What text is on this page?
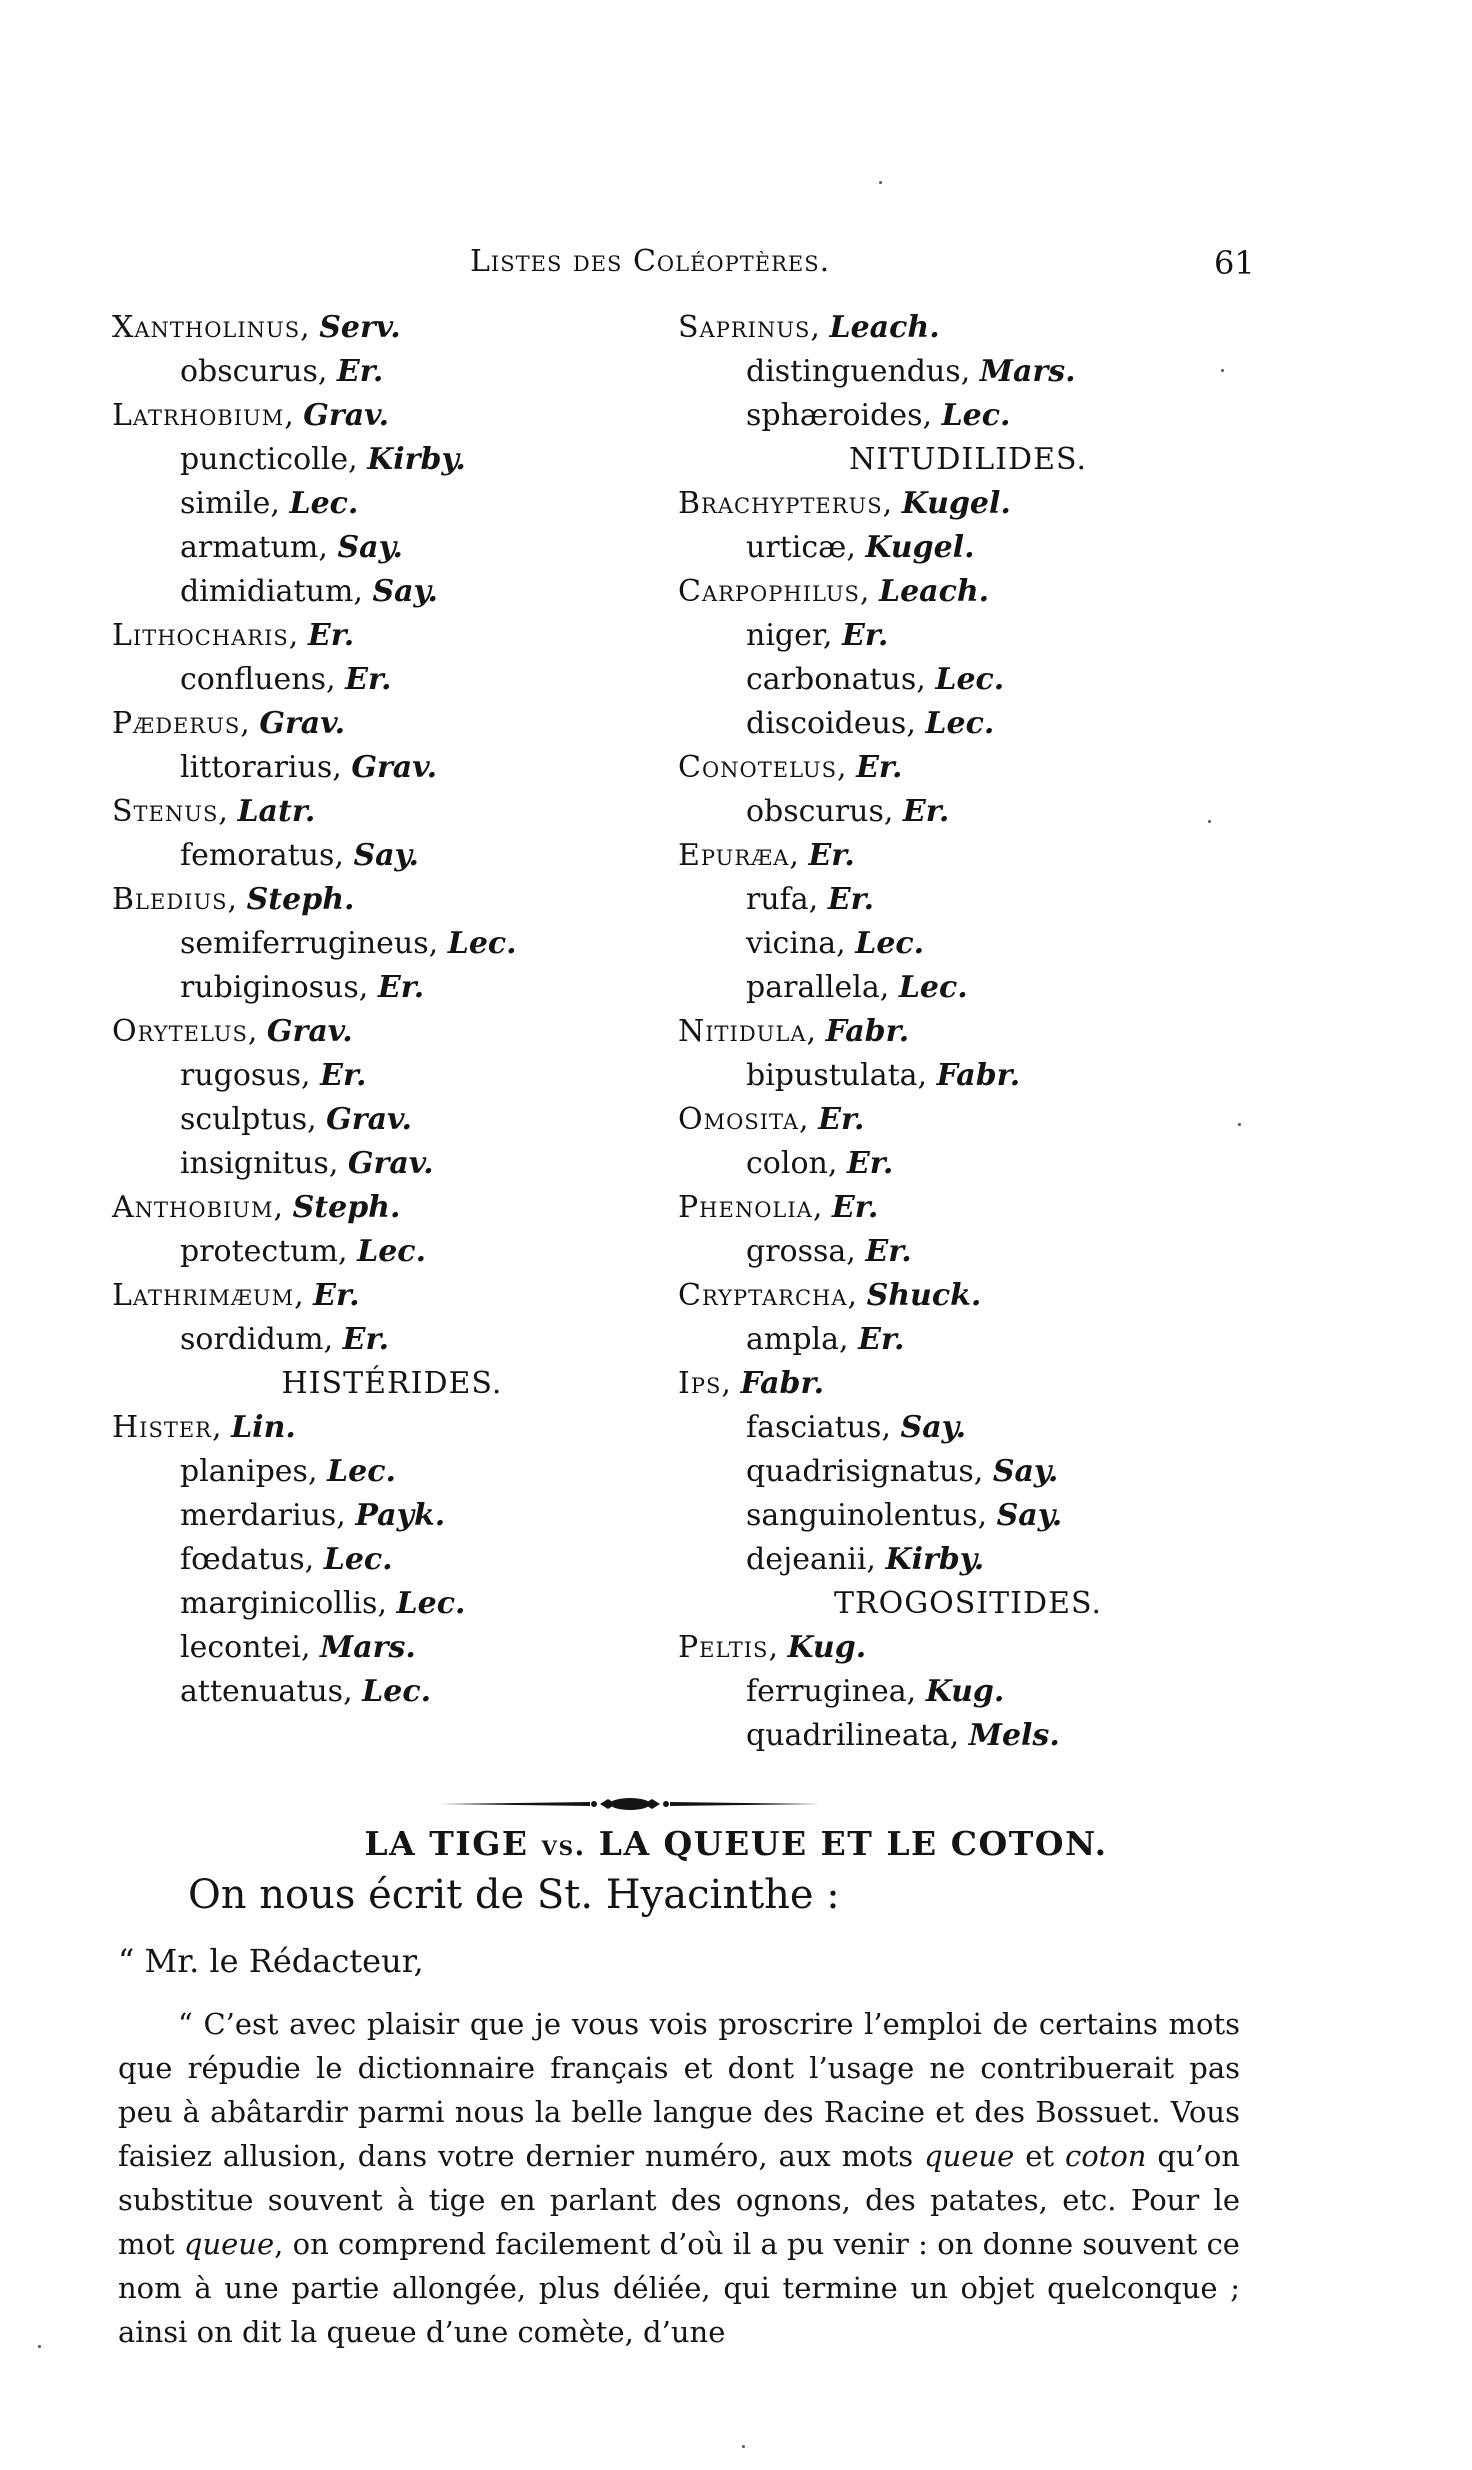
Listes des Coléoptères.	61
Xantholinus, Serv.
obscurus, Er.
Latrhobium, Grav.
puncticolle, Kirby.
simile, Lec.
armatum, Say.
dimidiatum, Say.
Lithocharis, Er.
confluens, Er.
Pæderus, Grav.
littorarius, Grav.
Stenus, Latr.
femoratus, Say.
Bledius, Steph.
semiferrugineus, Lec.
rubiginosus, Er.
Orytelus, Grav.
rugosus, Er.
sculptus, Grav.
insignitus, Grav.
Anthobium, Steph.
protectum, Lec.
Lathrimæum, Er.
sordidum, Er.
HISTÉRIDES.
Hister, Lin.
planipes, Lec.
merdarius, Payk.
fœdatus, Lec.
marginicollis, Lec.
lecontei, Mars.
attenuatus, Lec.
Saprinus, Leach.
distinguendus, Mars.
sphæroides, Lec.
NITUDILIDES.
Brachypterus, Kugel.
urticæ, Kugel.
Carpophilus, Leach.
niger, Er.
carbonatus, Lec.
discoideus, Lec.
Conotelus, Er.
obscurus, Er.
Epuræa, Er.
rufa, Er.
vicina, Lec.
parallela, Lec.
Nitidula, Fabr.
bipustulata, Fabr.
Omosita, Er.
colon, Er.
Phenolia, Er.
grossa, Er.
Cryptarcha, Shuck.
ampla, Er.
Ips, Fabr.
fasciatus, Say.
quadrisignatus, Say.
sanguinolentus, Say.
dejeanii, Kirby.
TROGOSITIDES.
Peltis, Kug.
ferruginea, Kug.
quadrilineata, Mels.
LA TIGE vs. LA QUEUE ET LE COTON.
On nous écrit de St. Hyacinthe :
“ Mr. le Rédacteur,

“ C’est avec plaisir que je vous vois proscrire l’emploi de certains mots que répudie le dictionnaire français et dont l’usage ne contribuerait pas peu à abâtardir parmi nous la belle langue des Racine et des Bossuet. Vous faisiez allusion, dans votre dernier numéro, aux mots queue et coton qu’on substitue souvent à tige en parlant des ognons, des patates, etc. Pour le mot queue, on comprend facilement d’où il a pu venir : on donne souvent ce nom à une partie allongée, plus déliée, qui termine un objet quelconque ; ainsi on dit la queue d’une comète, d’une
